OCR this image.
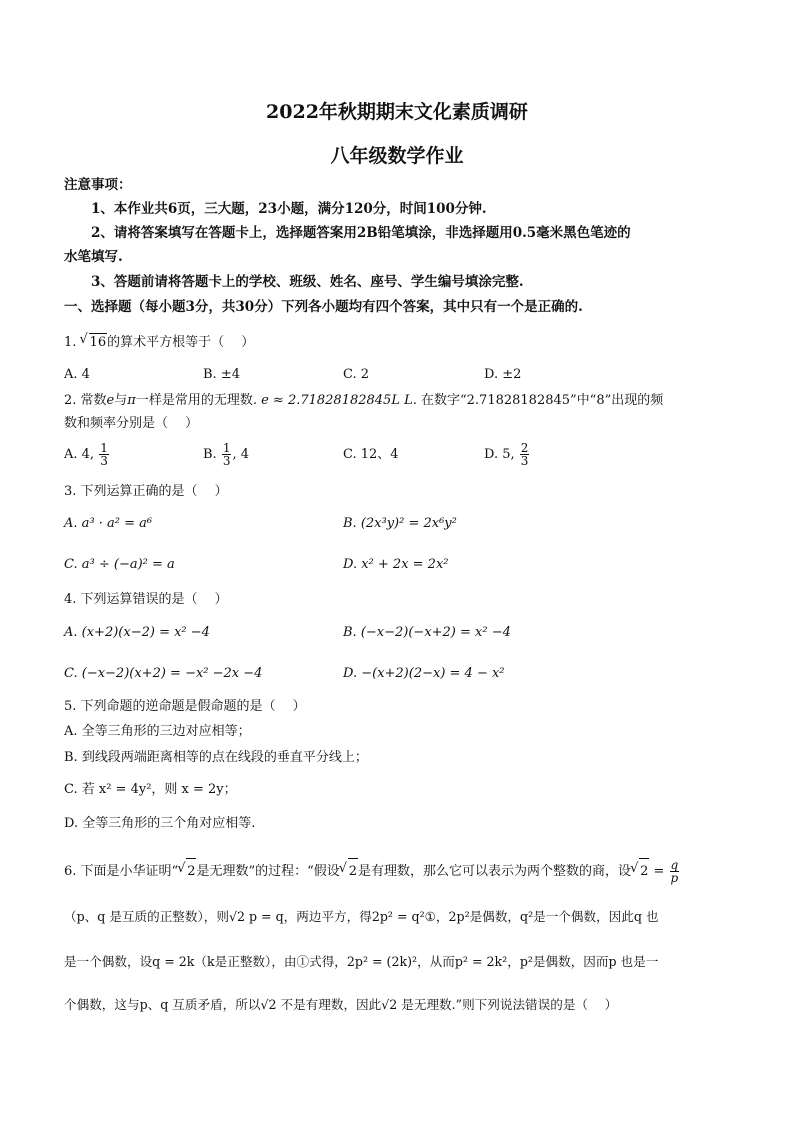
2022年秋期期末文化素质调研
八年级数学作业
注意事项：
1、本作业共6页，三大题，23小题，满分120分，时间100分钟.
2、请将答案填写在答题卡上，选择题答案用2B铅笔填涂，非选择题用0.5毫米黑色笔迹的
水笔填写.
3、答题前请将答题卡上的学校、班级、姓名、座号、学生编号填涂完整.
一、选择题（每小题3分，共30分）下列各小题均有四个答案，其中只有一个是正确的.
1. √ 16的算术平方根等于（　 ）
A. 4	B. ±4	C. 2	D. ±2
2. 常数e与π一样是常用的无理数. e ≈ 2.71828182845L L. 在数字“2.71828182845”中“8”出现的频
数和频率分别是（　 ）
A. 4, $\frac{1}{3}$	B. $\frac{1}{3}$ , 4	C. 12、4	D. 5, $\frac{2}{3}$
3. 下列运算正确的是（　 ）
A. a³ · a² = a⁶	B. (2x³y)² = 2x⁶y²
C. a³ ÷ (−a)² = a	D. x² + 2x = 2x²
4. 下列运算错误的是（　 ）
A. (x+2)(x−2) = x² −4	B. (−x−2)(−x+2) = x² −4
C. (−x−2)(x+2) = −x² −2x −4	D. −(x+2)(2−x) = 4 − x²
5. 下列命题的逆命题是假命题的是（　 ）
A. 全等三角形的三边对应相等；
B. 到线段两端距离相等的点在线段的垂直平分线上；
C. 若 x² = 4y²，则 x = 2y；
D. 全等三角形的三个角对应相等.
6. 下面是小华证明“ √ 2是无理数”的过程：“假设 √ 2是有理数，那么它可以表示为两个整数的商，设 √ $2 = \frac{q}{p}$
（p、q 是互质的正整数），则√2 p = q，两边平方，得2p² = q²①，2p²是偶数，q²是一个偶数，因此q 也
是一个偶数，设q = 2k（k是正整数），由①式得，2p² = (2k)²，从而p² = 2k²，p²是偶数，因而p 也是一
个偶数，这与p、q 互质矛盾，所以√2 不是有理数，因此√2 是无理数.”则下列说法错误的是（　 ）
